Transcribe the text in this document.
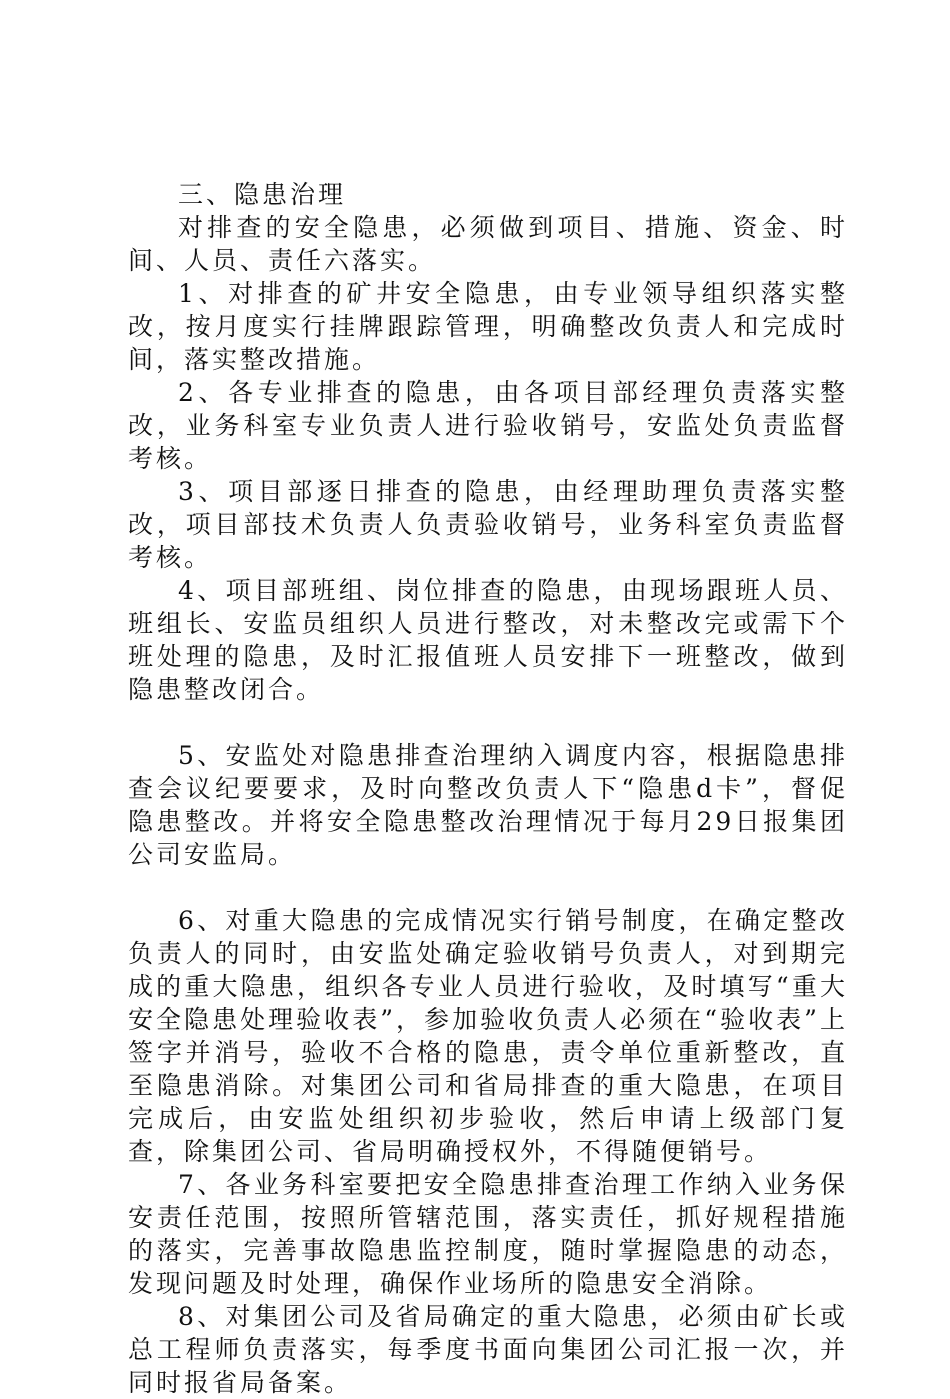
三、隐患治理

对排查的安全隐患，必须做到项目、措施、资金、时间、人员、责任六落实。

1、对排查的矿井安全隐患，由专业领导组织落实整改，按月度实行挂牌跟踪管理，明确整改负责人和完成时间，落实整改措施。

2、各专业排查的隐患，由各项目部经理负责落实整改，业务科室专业负责人进行验收销号，安监处负责监督考核。

3、项目部逐日排查的隐患，由经理助理负责落实整改，项目部技术负责人负责验收销号，业务科室负责监督考核。

4、项目部班组、岗位排查的隐患，由现场跟班人员、班组长、安监员组织人员进行整改，对未整改完或需下个班处理的隐患，及时汇报值班人员安排下一班整改，做到隐患整改闭合。

5、安监处对隐患排查治理纳入调度内容，根据隐患排查会议纪要要求，及时向整改负责人下“隐患d卡”，督促隐患整改。并将安全隐患整改治理情况于每月29日报集团公司安监局。

6、对重大隐患的完成情况实行销号制度，在确定整改负责人的同时，由安监处确定验收销号负责人，对到期完成的重大隐患，组织各专业人员进行验收，及时填写“重大安全隐患处理验收表”，参加验收负责人必须在“验收表”上签字并消号，验收不合格的隐患，责令单位重新整改，直至隐患消除。对集团公司和省局排查的重大隐患，在项目完成后，由安监处组织初步验收，然后申请上级部门复查，除集团公司、省局明确授权外，不得随便销号。

7、各业务科室要把安全隐患排查治理工作纳入业务保安责任范围，按照所管辖范围，落实责任，抓好规程措施的落实，完善事故隐患监控制度，随时掌握隐患的动态，发现问题及时处理，确保作业场所的隐患安全消除。

8、对集团公司及省局确定的重大隐患，必须由矿长或总工程师负责落实，每季度书面向集团公司汇报一次，并同时报省局备案。
